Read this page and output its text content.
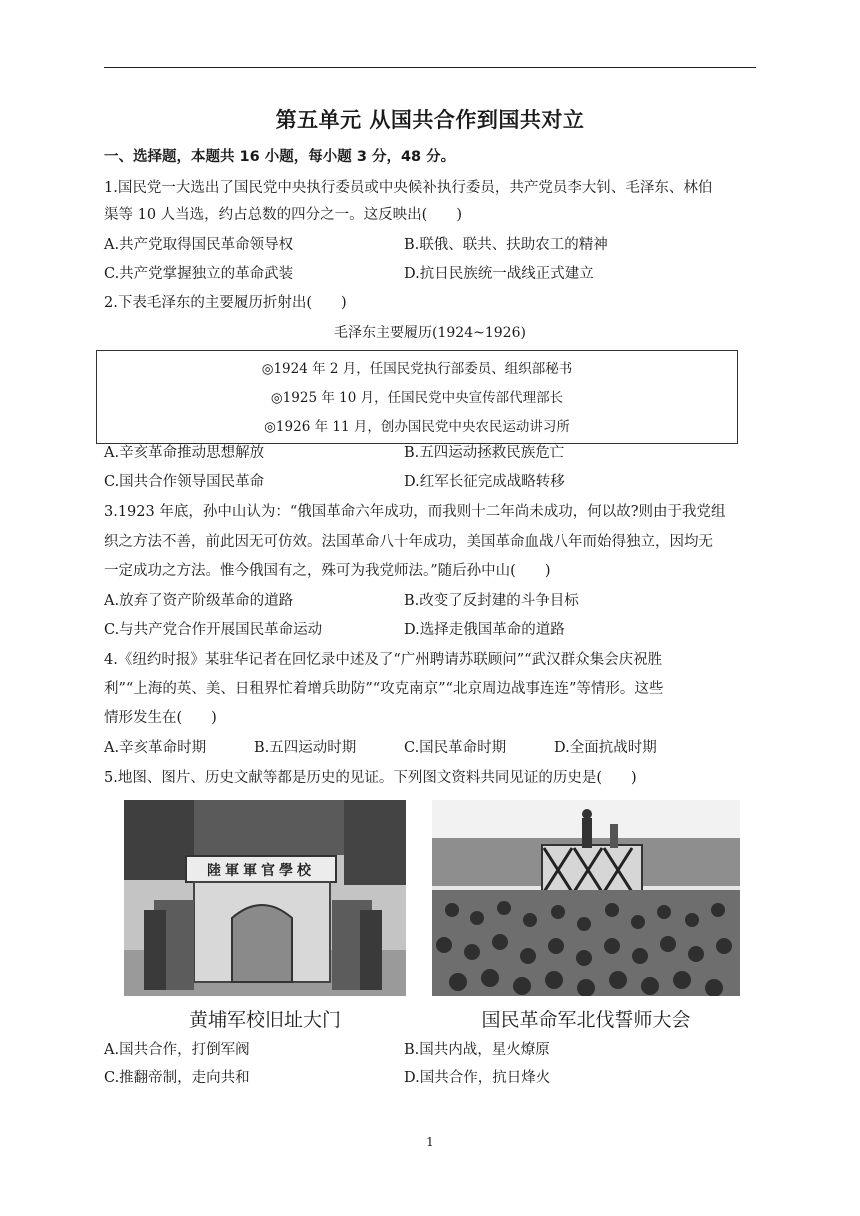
第五单元 从国共合作到国共对立
一、选择题，本题共 16 小题，每小题 3 分，48 分。
1.国民党一大选出了国民党中央执行委员或中央候补执行委员，共产党员李大钊、毛泽东、林伯
渠等 10 人当选，约占总数的四分之一。这反映出(　　)
A.共产党取得国民革命领导权	B.联俄、联共、扶助农工的精神
C.共产党掌握独立的革命武装	D.抗日民族统一战线正式建立
2.下表毛泽东的主要履历折射出(　　)
毛泽东主要履历(1924~1926)
◎1924 年 2 月，任国民党执行部委员、组织部秘书
◎1925 年 10 月，任国民党中央宣传部代理部长
◎1926 年 11 月，创办国民党中央农民运动讲习所
A.辛亥革命推动思想解放	B.五四运动拯救民族危亡
C.国共合作领导国民革命	D.红军长征完成战略转移
3.1923 年底，孙中山认为：“俄国革命六年成功，而我则十二年尚未成功，何以故?则由于我党组
织之方法不善，前此因无可仿效。法国革命八十年成功，美国革命血战八年而始得独立，因均无
一定成功之方法。惟今俄国有之，殊可为我党师法。”随后孙中山(　　)
A.放弃了资产阶级革命的道路	B.改变了反封建的斗争目标
C.与共产党合作开展国民革命运动	D.选择走俄国革命的道路
4.《纽约时报》某驻华记者在回忆录中述及了“广州聘请苏联顾问”“武汉群众集会庆祝胜
利”“上海的英、美、日租界忙着增兵助防”“攻克南京”“北京周边战事连连”等情形。这些
情形发生在(　　)
A.辛亥革命时期	B.五四运动时期	C.国民革命时期	D.全面抗战时期
5.地图、图片、历史文献等都是历史的见证。下列图文资料共同见证的历史是(　　)
陸軍軍官學校
黄埔军校旧址大门	国民革命军北伐誓师大会
A.国共合作，打倒军阀	B.国共内战，星火燎原
C.推翻帝制，走向共和	D.国共合作，抗日烽火
1
